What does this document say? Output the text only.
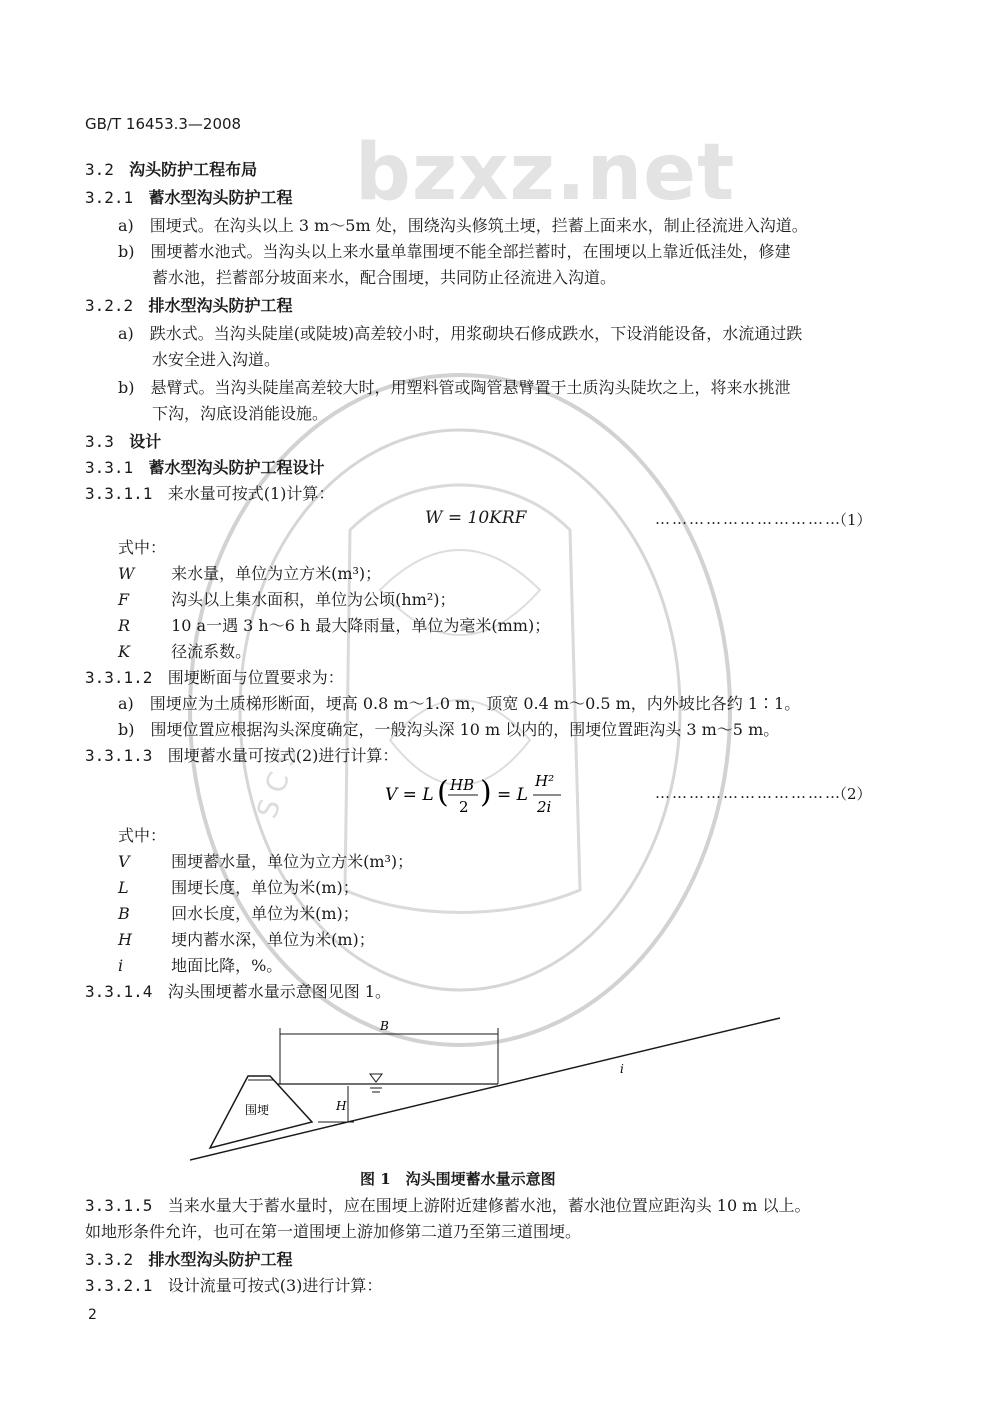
bzxz.net
S C S
GB/T 16453.3—2008
3.2 沟头防护工程布局
3.2.1 蓄水型沟头防护工程
a)　围埂式。在沟头以上 3 m～5m 处，围绕沟头修筑土埂，拦蓄上面来水，制止径流进入沟道。
b)　围埂蓄水池式。当沟头以上来水量单靠围埂不能全部拦蓄时，在围埂以上靠近低洼处，修建
蓄水池，拦蓄部分坡面来水，配合围埂，共同防止径流进入沟道。
3.2.2 排水型沟头防护工程
a)　跌水式。当沟头陡崖(或陡坡)高差较小时，用浆砌块石修成跌水，下设消能设备，水流通过跌
水安全进入沟道。
b)　悬臂式。当沟头陡崖高差较大时，用塑料管或陶管悬臂置于土质沟头陡坎之上，将来水挑泄
下沟，沟底设消能设施。
3.3 设计
3.3.1 蓄水型沟头防护工程设计
3.3.1.1 来水量可按式(1)计算：
W = 10KRF	……………………………
（1）
式中：
W 来水量，单位为立方米(m³)；
F	沟头以上集水面积，单位为公顷(hm²)；
R	10 a一遇 3 h～6 h 最大降雨量，单位为毫米(mm)；
K	径流系数。
3.3.1.2 围埂断面与位置要求为：
a)　围埂应为土质梯形断面，埂高 0.8 m～1.0 m，顶宽 0.4 m～0.5 m，内外坡比各约 1∶1。
b)　围埂位置应根据沟头深度确定，一般沟头深 10 m 以内的，围埂位置距沟头 3 m～5 m。
3.3.1.3 围埂蓄水量可按式(2)进行计算：
V = L ( HB
2 ) = L
H²
2i
……………………………
（2）
式中：
V	围埂蓄水量，单位为立方米(m³)；
L	围埂长度，单位为米(m)；
B	回水长度，单位为米(m)；
H 埂内蓄水深，单位为米(m)；
i	地面比降，%。
3.3.1.4 沟头围埂蓄水量示意图见图 1。
围埂
B
H
i
图 1　沟头围埂蓄水量示意图
3.3.1.5 当来水量大于蓄水量时，应在围埂上游附近建修蓄水池，蓄水池位置应距沟头 10 m 以上。
如地形条件允许，也可在第一道围埂上游加修第二道乃至第三道围埂。
3.3.2 排水型沟头防护工程
3.3.2.1 设计流量可按式(3)进行计算：
2
